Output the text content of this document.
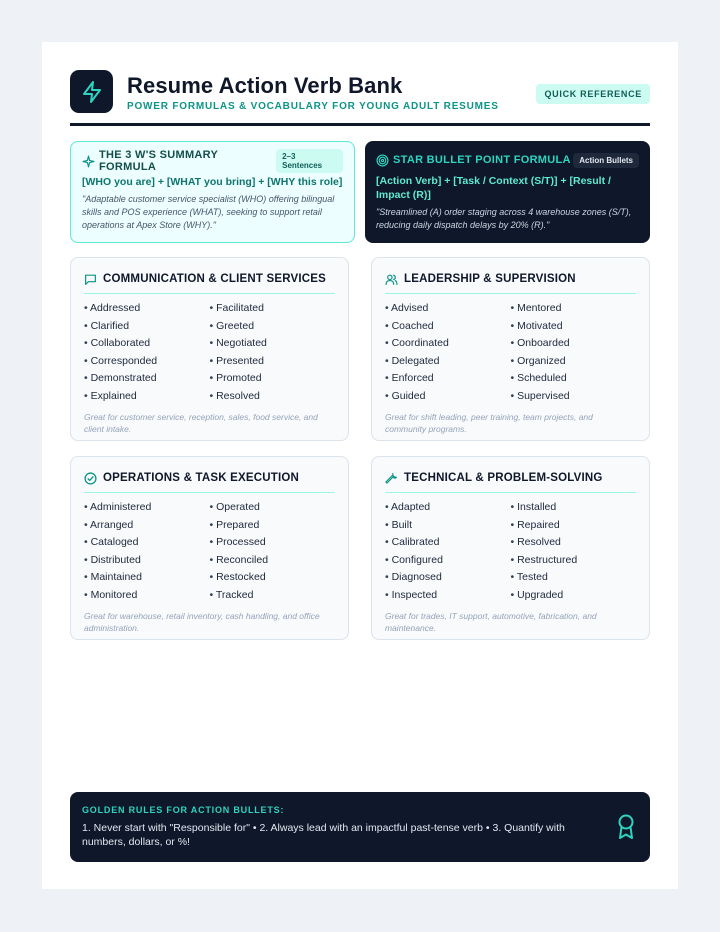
Resume Action Verb Bank
POWER FORMULAS & VOCABULARY FOR YOUNG ADULT RESUMES
QUICK REFERENCE
THE 3 W'S SUMMARY FORMULA
2–3 Sentences
[WHO you are] + [WHAT you bring] + [WHY this role]
"Adaptable customer service specialist (WHO) offering bilingual skills and POS experience (WHAT), seeking to support retail operations at Apex Store (WHY)."
STAR BULLET POINT FORMULA	Action Bullets
[Action Verb] + [Task / Context (S/T)] + [Result / Impact (R)]
"Streamlined (A) order staging across 4 warehouse zones (S/T), reducing daily dispatch delays by 20% (R)."
COMMUNICATION & CLIENT SERVICES
• Addressed
• Clarified
• Collaborated
• Corresponded
• Demonstrated
• Explained
• Facilitated
• Greeted
• Negotiated
• Presented
• Promoted
• Resolved
Great for customer service, reception, sales, food service, and client intake.
LEADERSHIP & SUPERVISION
• Advised
• Coached
• Coordinated
• Delegated
• Enforced
• Guided
• Mentored
• Motivated
• Onboarded
• Organized
• Scheduled
• Supervised
Great for shift leading, peer training, team projects, and community programs.
OPERATIONS & TASK EXECUTION
• Administered
• Arranged
• Cataloged
• Distributed
• Maintained
• Monitored
• Operated
• Prepared
• Processed
• Reconciled
• Restocked
• Tracked
Great for warehouse, retail inventory, cash handling, and office administration.
TECHNICAL & PROBLEM-SOLVING
• Adapted
• Built
• Calibrated
• Configured
• Diagnosed
• Inspected
• Installed
• Repaired
• Resolved
• Restructured
• Tested
• Upgraded
Great for trades, IT support, automotive, fabrication, and maintenance.
GOLDEN RULES FOR ACTION BULLETS:
1. Never start with "Responsible for" • 2. Always lead with an impactful past-tense verb • 3. Quantify with numbers, dollars, or %!
